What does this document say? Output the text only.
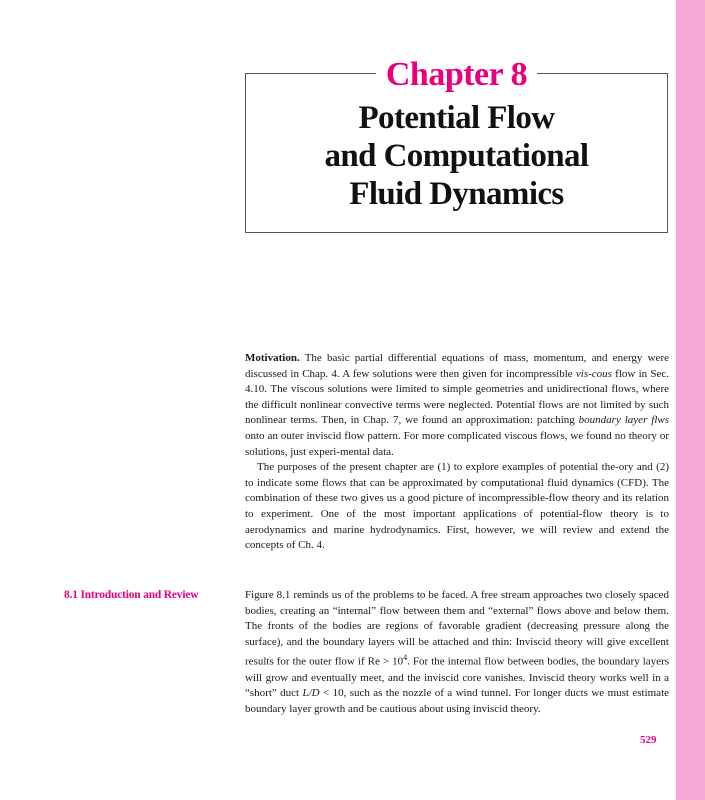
Chapter 8
Potential Flow
and Computational
Fluid Dynamics

Motivation. The basic partial differential equations of mass, momentum, and energy were discussed in Chap. 4. A few solutions were then given for incompressible vis-cous flow in Sec. 4.10. The viscous solutions were limited to simple geometries and unidirectional flows, where the difficult nonlinear convective terms were neglected. Potential flows are not limited by such nonlinear terms. Then, in Chap. 7, we found an approximation: patching boundary layer flws onto an outer inviscid flow pattern. For more complicated viscous flows, we found no theory or solutions, just experi-mental data.

The purposes of the present chapter are (1) to explore examples of potential the-ory and (2) to indicate some flows that can be approximated by computational fluid dynamics (CFD). The combination of these two gives us a good picture of incompressible-flow theory and its relation to experiment. One of the most important applications of potential-flow theory is to aerodynamics and marine hydrodynamics. First, however, we will review and extend the concepts of Ch. 4.

8.1 Introduction and Review	Figure 8.1 reminds us of the problems to be faced. A free stream approaches two closely spaced bodies, creating an “internal” flow between them and “external” flows above and below them. The fronts of the bodies are regions of favorable gradient (decreasing pressure along the surface), and the boundary layers will be attached and thin: Inviscid theory will give excellent results for the outer flow if $Re > 10^4$. For the internal flow between bodies, the boundary layers will grow and eventually meet, and the inviscid core vanishes. Inviscid theory works well in a “short” duct L/D < 10, such as the nozzle of a wind tunnel. For longer ducts we must estimate boundary layer growth and be cautious about using inviscid theory.

529
